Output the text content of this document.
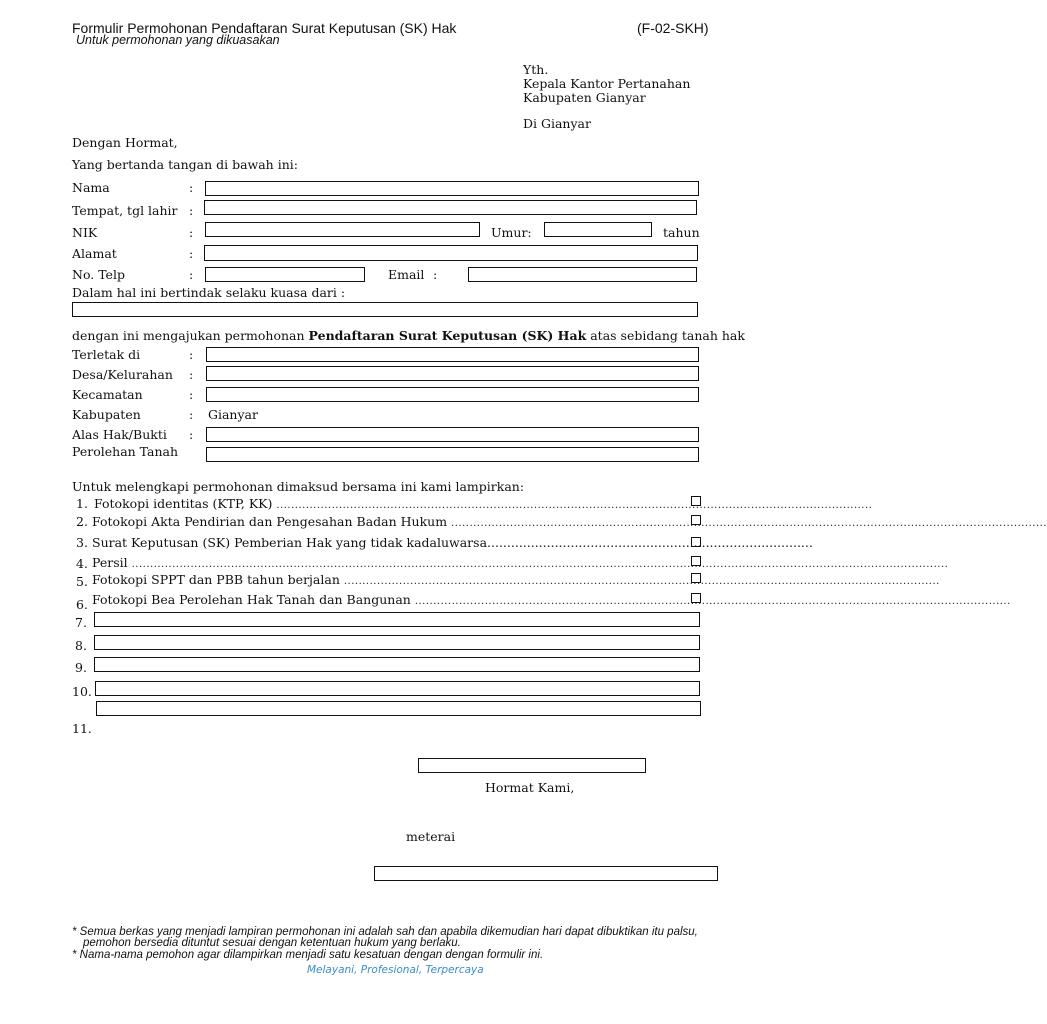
Formulir Permohonan Pendaftaran Surat Keputusan (SK) Hak	(F-02-SKH)
Untuk permohonan yang dikuasakan
Yth.
Kepala Kantor Pertanahan
Kabupaten Gianyar
Di Gianyar
Dengan Hormat,
Yang bertanda tangan di bawah ini:
Nama	:
Tempat, tgl lahir :
NIK	:	Umur:	tahun
Alamat	:
No. Telp	:	Email :
Dalam hal ini bertindak selaku kuasa dari :
dengan ini mengajukan permohonan Pendaftaran Surat Keputusan (SK) Hak atas sebidang tanah hak
Terletak di	:
Desa/Kelurahan :
Kecamatan	:
Kabupaten	: Gianyar
Alas Hak/Bukti :
Perolehan Tanah
Untuk melengkapi permohonan dimaksud bersama ini kami lampirkan:
1. Fotokopi identitas (KTP, KK) ..................................................................................................................................................................
2. Fotokopi Akta Pendirian dan Pengesahan Badan Hukum ..................................................................................................................................................................
3. Surat Keputusan (SK) Pemberian Hak yang tidak kadaluwarsa..................................................................................
4. Persil ..............................................................................................................................................................................................................................
5. Fotokopi SPPT dan PBB tahun berjalan ..................................................................................................................................................................
6. Fotokopi Bea Perolehan Hak Tanah dan Bangunan ..................................................................................................................................................................
7.
8.
9.
10.
11.
Hormat Kami,
meterai
* Semua berkas yang menjadi lampiran permohonan ini adalah sah dan apabila dikemudian hari dapat dibuktikan itu palsu,
pemohon bersedia dituntut sesuai dengan ketentuan hukum yang berlaku.
* Nama-nama pemohon agar dilampirkan menjadi satu kesatuan dengan dengan formulir ini.
Melayani, Profesional, Terpercaya
